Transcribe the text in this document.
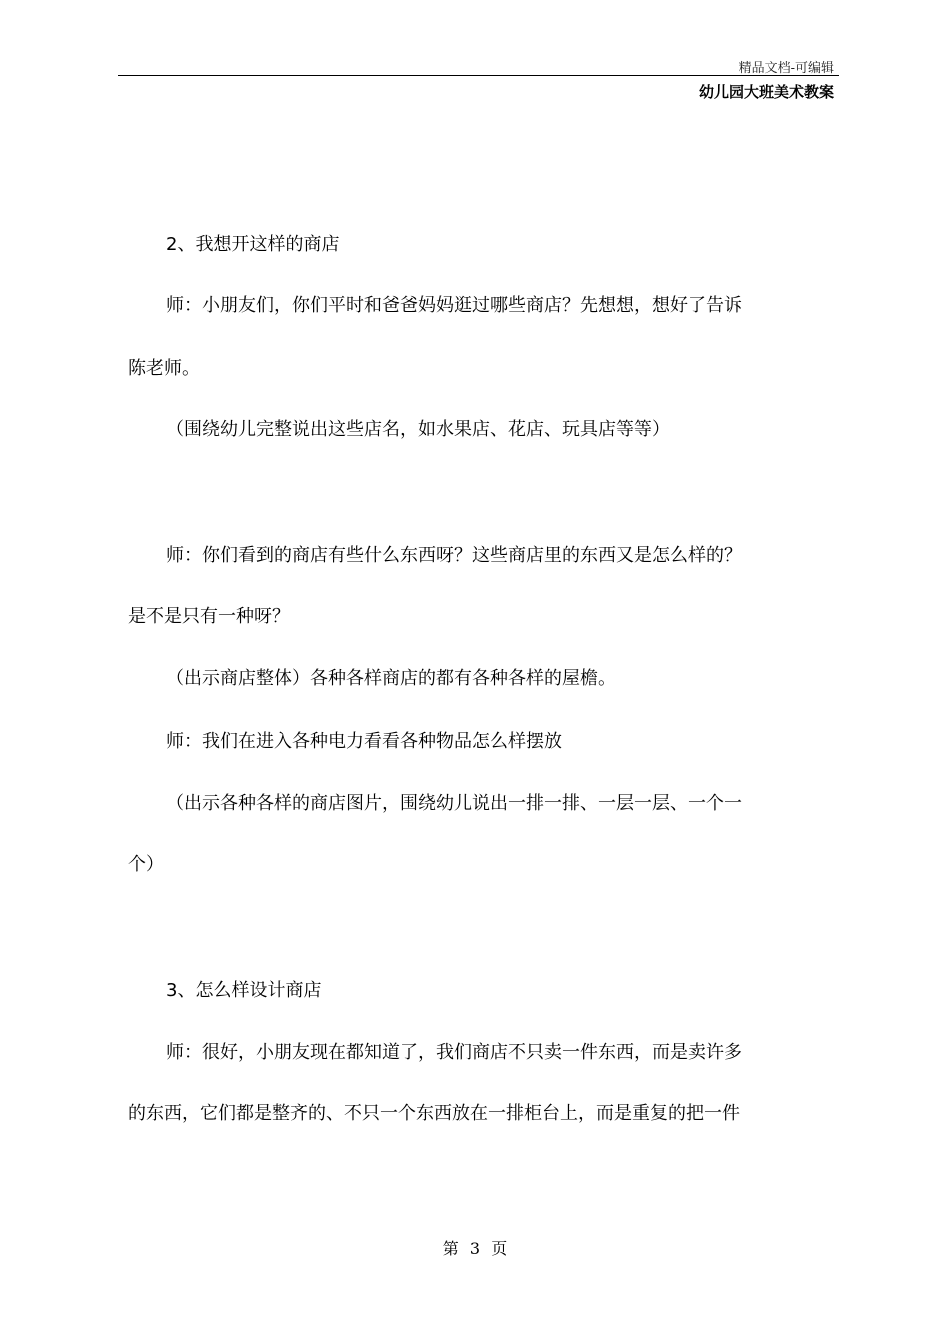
精品文档-可编辑
幼儿园大班美术教案
2、我想开这样的商店
师：小朋友们，你们平时和爸爸妈妈逛过哪些商店？先想想，想好了告诉
陈老师。
（围绕幼儿完整说出这些店名，如水果店、花店、玩具店等等）
师：你们看到的商店有些什么东西呀？这些商店里的东西又是怎么样的？
是不是只有一种呀？
（出示商店整体）各种各样商店的都有各种各样的屋檐。
师：我们在进入各种电力看看各种物品怎么样摆放
（出示各种各样的商店图片，围绕幼儿说出一排一排、一层一层、一个一
个）
3、怎么样设计商店
师：很好，小朋友现在都知道了，我们商店不只卖一件东西，而是卖许多
的东西，它们都是整齐的、不只一个东西放在一排柜台上，而是重复的把一件
第 3 页
